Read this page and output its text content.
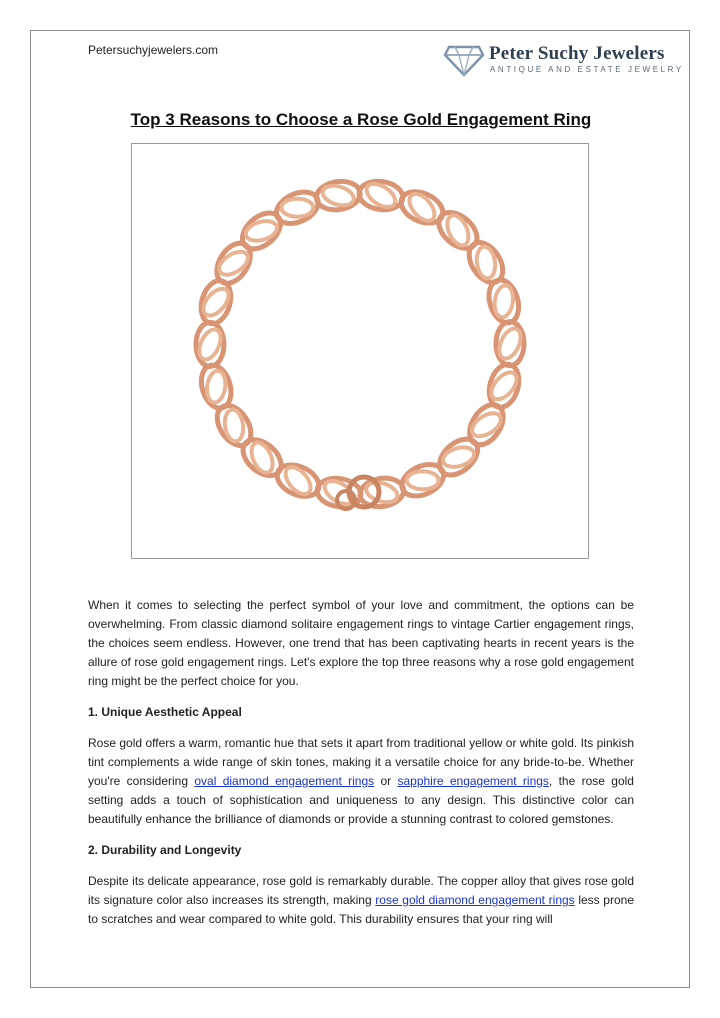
Petersuchyjewelers.com	Peter Suchy Jewelers
ANTIQUE AND ESTATE JEWELRY
Top 3 Reasons to Choose a Rose Gold Engagement Ring

When it comes to selecting the perfect symbol of your love and commitment, the options can be overwhelming. From classic diamond solitaire engagement rings to vintage Cartier engagement rings, the choices seem endless. However, one trend that has been captivating hearts in recent years is the allure of rose gold engagement rings. Let's explore the top three reasons why a rose gold engagement ring might be the perfect choice for you.

1. Unique Aesthetic Appeal

Rose gold offers a warm, romantic hue that sets it apart from traditional yellow or white gold. Its pinkish tint complements a wide range of skin tones, making it a versatile choice for any bride-to-be. Whether you're considering oval diamond engagement rings or sapphire engagement rings, the rose gold setting adds a touch of sophistication and uniqueness to any design. This distinctive color can beautifully enhance the brilliance of diamonds or provide a stunning contrast to colored gemstones.

2. Durability and Longevity

Despite its delicate appearance, rose gold is remarkably durable. The copper alloy that gives rose gold its signature color also increases its strength, making rose gold diamond engagement rings less prone to scratches and wear compared to white gold. This durability ensures that your ring will
